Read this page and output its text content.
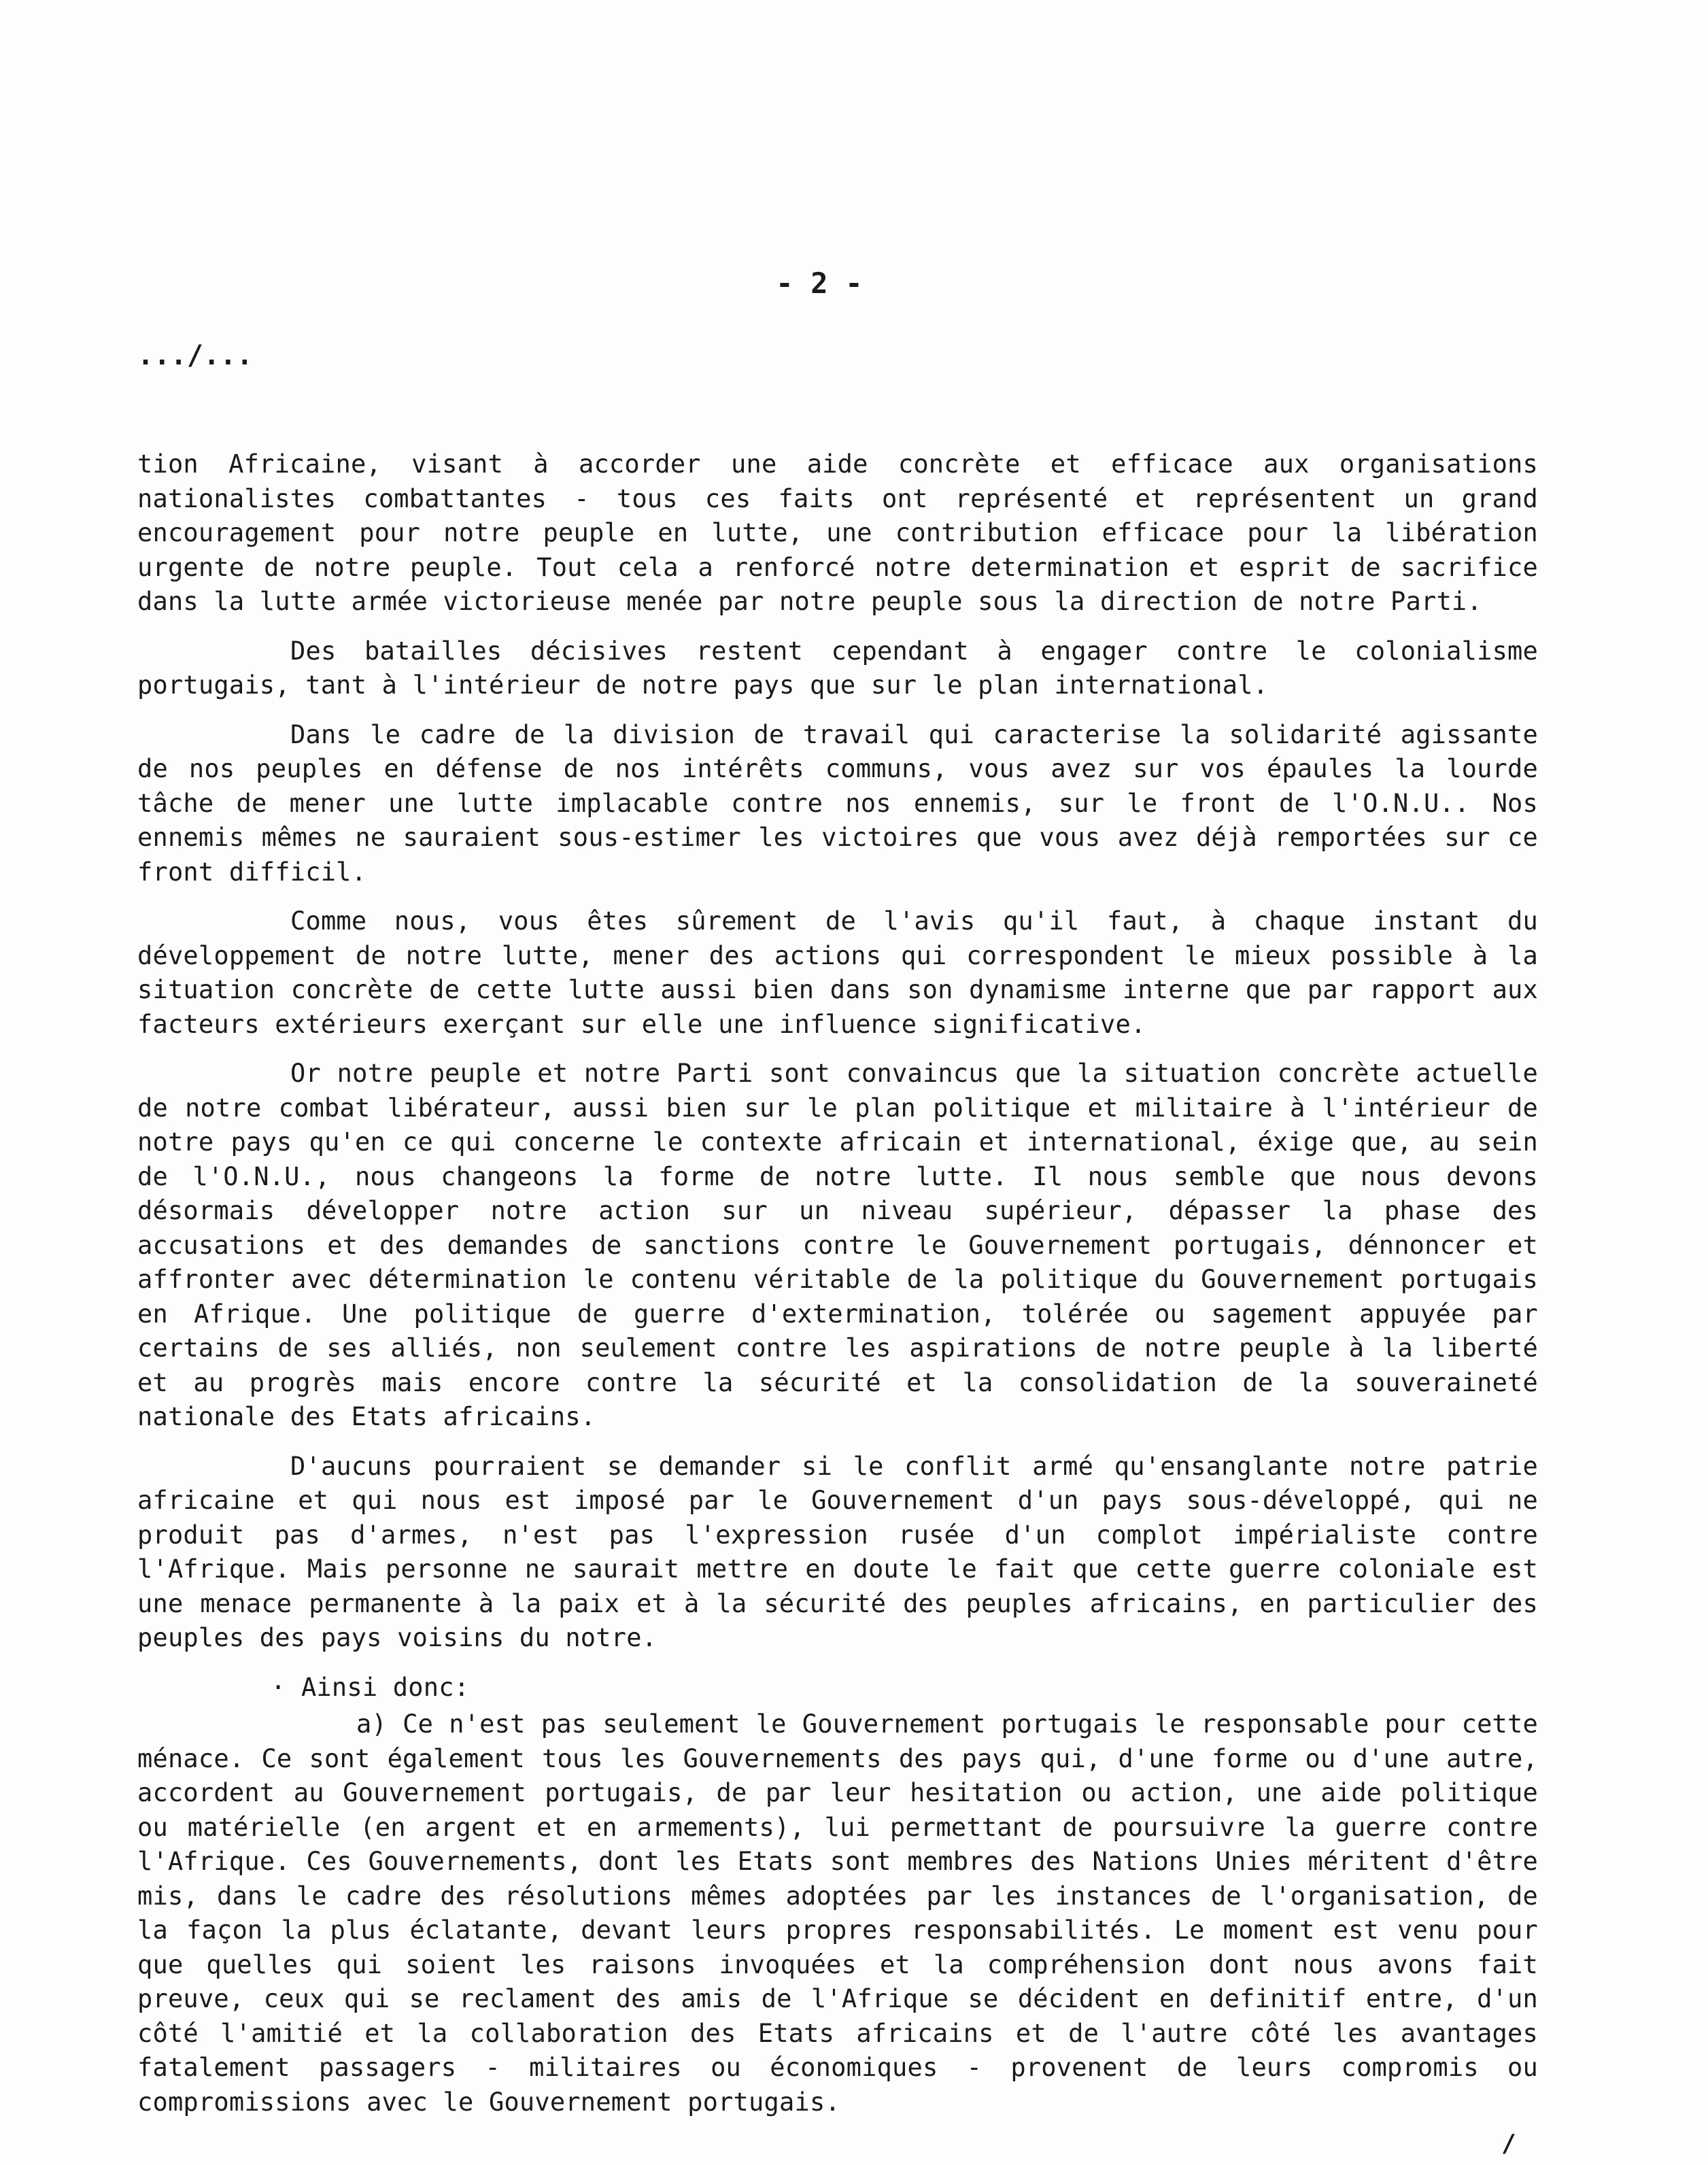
- 2 -
.../...

tion Africaine, visant à accorder une aide concrète et efficace aux organisations nationalistes combattantes - tous ces faits ont représenté et représentent un grand encouragement pour notre peuple en lutte, une contribution efficace pour la libération urgente de notre peuple. Tout cela a renforcé notre determination et esprit de sacrifice dans la lutte armée victorieuse menée par notre peuple sous la direction de notre Parti.

Des batailles décisives restent cependant à engager contre le colonialisme portugais, tant à l'intérieur de notre pays que sur le plan international.

Dans le cadre de la division de travail qui caracterise la solidarité agissante de nos peuples en défense de nos intérêts communs, vous avez sur vos épaules la lourde tâche de mener une lutte implacable contre nos ennemis, sur le front de l'O.N.U.. Nos ennemis mêmes ne sauraient sous-estimer les victoires que vous avez déjà remportées sur ce front difficil.

Comme nous, vous êtes sûrement de l'avis qu'il faut, à chaque instant du développement de notre lutte, mener des actions qui correspondent le mieux possible à la situation concrète de cette lutte aussi bien dans son dynamisme interne que par rapport aux facteurs extérieurs exerçant sur elle une influence significative.

Or notre peuple et notre Parti sont convaincus que la situation concrète actuelle de notre combat libérateur, aussi bien sur le plan politique et militaire à l'intérieur de notre pays qu'en ce qui concerne le contexte africain et international, éxige que, au sein de l'O.N.U., nous changeons la forme de notre lutte. Il nous semble que nous devons désormais développer notre action sur un niveau supérieur, dépasser la phase des accusations et des demandes de sanctions contre le Gouvernement portugais, dénnoncer et affronter avec détermination le contenu véritable de la politique du Gouvernement portugais en Afrique. Une politique de guerre d'extermination, tolérée ou sagement appuyée par certains de ses alliés, non seulement contre les aspirations de notre peuple à la liberté et au progrès mais encore contre la sécurité et la consolidation de la souveraineté nationale des Etats africains.

D'aucuns pourraient se demander si le conflit armé qu'ensanglante notre patrie africaine et qui nous est imposé par le Gouvernement d'un pays sous-développé, qui ne produit pas d'armes, n'est pas l'expression rusée d'un complot impérialiste contre l'Afrique. Mais personne ne saurait mettre en doute le fait que cette guerre coloniale est une menace permanente à la paix et à la sécurité des peuples africains, en particulier des peuples des pays voisins du notre.

· Ainsi donc:

a) Ce n'est pas seulement le Gouvernement portugais le responsable pour cette ménace. Ce sont également tous les Gouvernements des pays qui, d'une forme ou d'une autre, accordent au Gouvernement portugais, de par leur hesitation ou action, une aide politique ou matérielle (en argent et en armements), lui permettant de poursuivre la guerre contre l'Afrique. Ces Gouvernements, dont les Etats sont membres des Nations Unies méritent d'être mis, dans le cadre des résolutions mêmes adoptées par les instances de l'organisation, de la façon la plus éclatante, devant leurs propres responsabilités. Le moment est venu pour que quelles qui soient les raisons invoquées et la compréhension dont nous avons fait preuve, ceux qui se reclament des amis de l'Afrique se décident en definitif entre, d'un côté l'amitié et la collaboration des Etats africains et de l'autre côté les avantages fatalement passagers - militaires ou économiques - provenent de leurs compromis ou compromissions avec le Gouvernement portugais.

/
